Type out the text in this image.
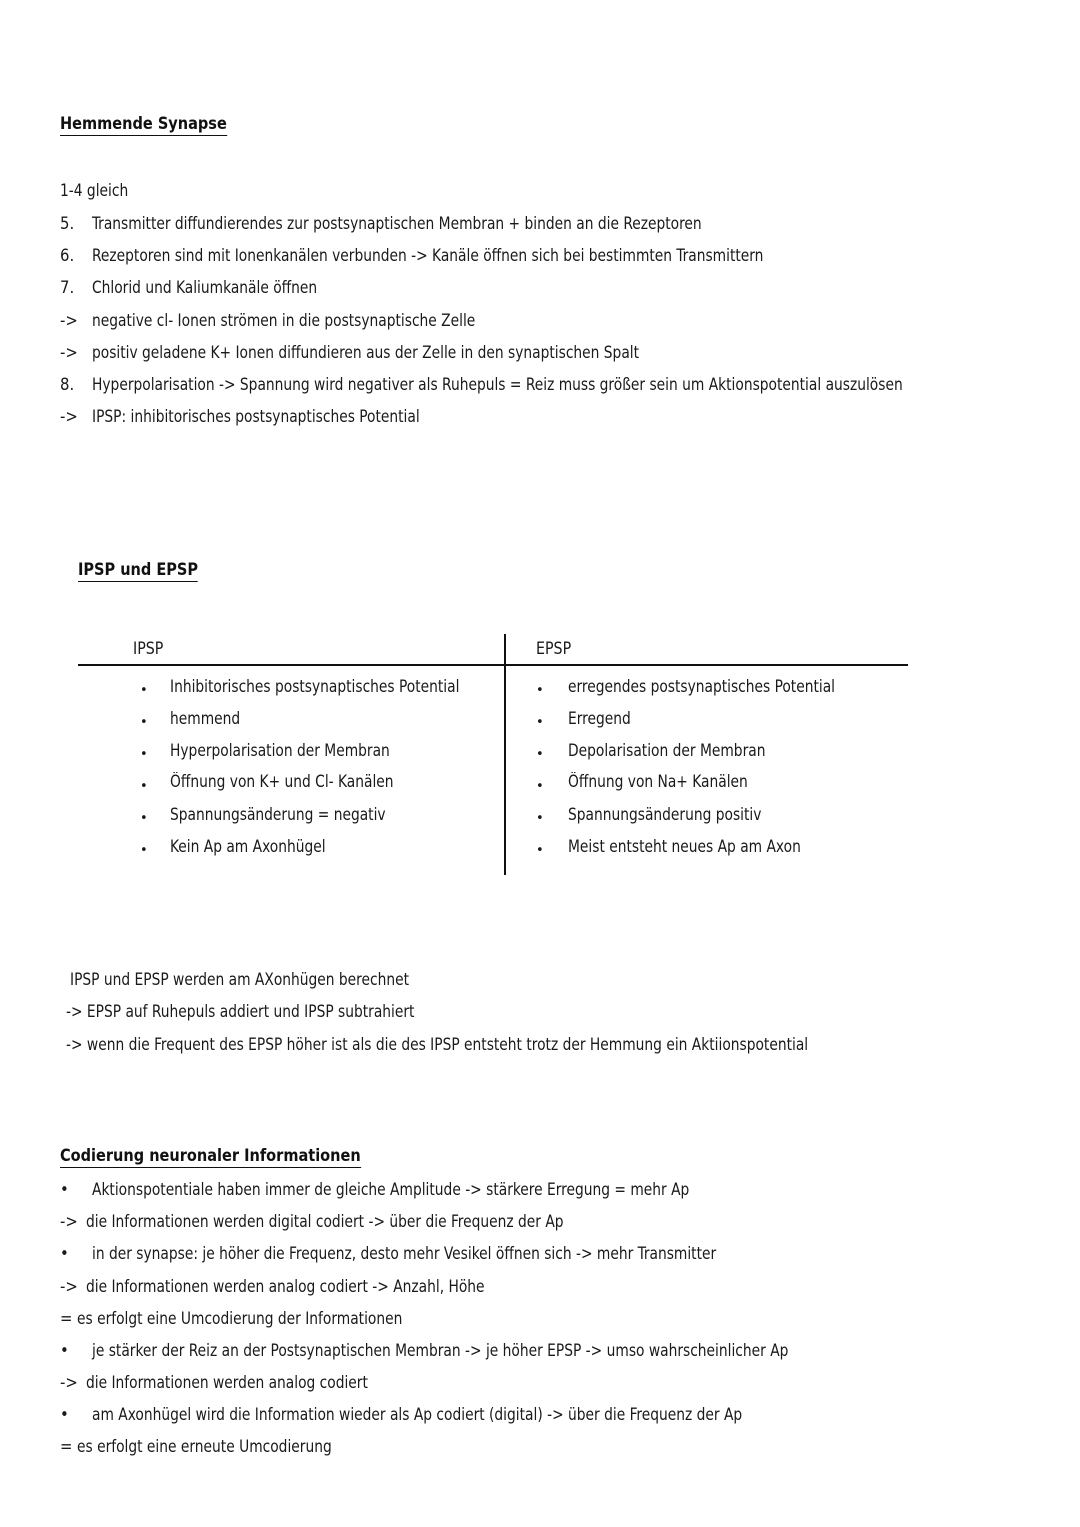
Hemmende Synapse
1-4 gleich
5. Transmitter diffundierendes zur postsynaptischen Membran + binden an die Rezeptoren
6. Rezeptoren sind mit Ionenkanälen verbunden -> Kanäle öffnen sich bei bestimmten Transmittern
7. Chlorid und Kaliumkanäle öffnen
-> negative cl- Ionen strömen in die postsynaptische Zelle
-> positiv geladene K+ Ionen diffundieren aus der Zelle in den synaptischen Spalt
8. Hyperpolarisation -> Spannung wird negativer als Ruhepuls = Reiz muss größer sein um Aktionspotential auszulösen
-> IPSP: inhibitorisches postsynaptisches Potential
IPSP und EPSP
IPSP	EPSP
• Inhibitorisches postsynaptisches Potential
• hemmend
• Hyperpolarisation der Membran
• Öffnung von K+ und Cl- Kanälen
• Spannungsänderung = negativ
• Kein Ap am Axonhügel
• erregendes postsynaptisches Potential
• Erregend
• Depolarisation der Membran
• Öffnung von Na+ Kanälen
• Spannungsänderung positiv
• Meist entsteht neues Ap am Axon
IPSP und EPSP werden am AXonhügen berechnet
-> EPSP auf Ruhepuls addiert und IPSP subtrahiert
-> wenn die Frequent des EPSP höher ist als die des IPSP entsteht trotz der Hemmung ein Aktiionspotential
Codierung neuronaler Informationen
• Aktionspotentiale haben immer de gleiche Amplitude -> stärkere Erregung = mehr Ap
-> die Informationen werden digital codiert -> über die Frequenz der Ap
• in der synapse: je höher die Frequenz, desto mehr Vesikel öffnen sich -> mehr Transmitter
-> die Informationen werden analog codiert -> Anzahl, Höhe
= es erfolgt eine Umcodierung der Informationen
• je stärker der Reiz an der Postsynaptischen Membran -> je höher EPSP -> umso wahrscheinlicher Ap
-> die Informationen werden analog codiert
• am Axonhügel wird die Information wieder als Ap codiert (digital) -> über die Frequenz der Ap
= es erfolgt eine erneute Umcodierung
